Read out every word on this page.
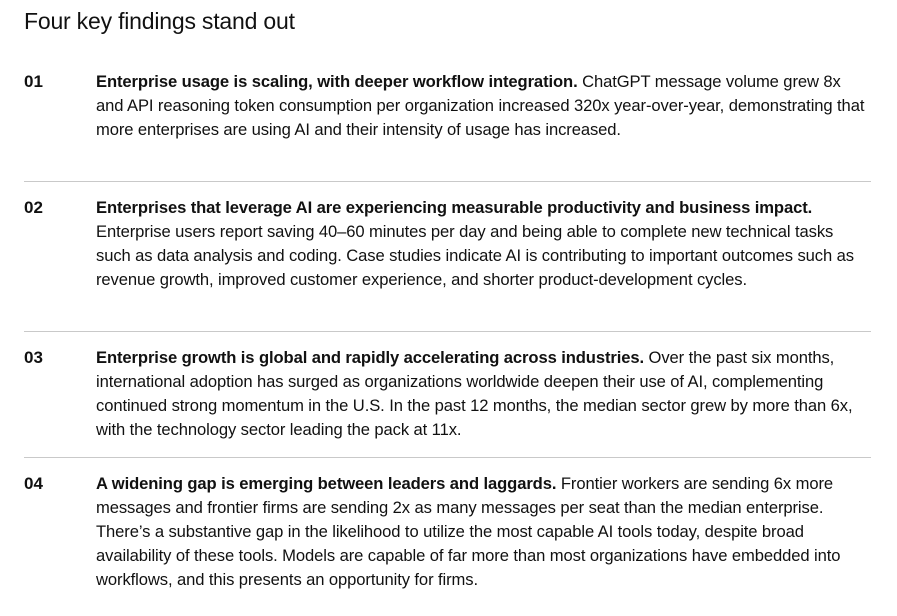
Four key findings stand out
01	Enterprise usage is scaling, with deeper workflow integration. ChatGPT message volume grew 8x and API reasoning token consumption per organization increased 320x year-over-year, demonstrating that more enterprises are using AI and their intensity of usage has increased.
02	Enterprises that leverage AI are experiencing measurable productivity and business impact. Enterprise users report saving 40–60 minutes per day and being able to complete new technical tasks such as data analysis and coding. Case studies indicate AI is contributing to important outcomes such as revenue growth, improved customer experience, and shorter product-development cycles.
03	Enterprise growth is global and rapidly accelerating across industries. Over the past six months, international adoption has surged as organizations worldwide deepen their use of AI, complementing continued strong momentum in the U.S. In the past 12 months, the median sector grew by more than 6x, with the technology sector leading the pack at 11x.
04	A widening gap is emerging between leaders and laggards. Frontier workers are sending 6x more messages and frontier firms are sending 2x as many messages per seat than the median enterprise. There’s a substantive gap in the likelihood to utilize the most capable AI tools today, despite broad availability of these tools. Models are capable of far more than most organizations have embedded into workflows, and this presents an opportunity for firms.
